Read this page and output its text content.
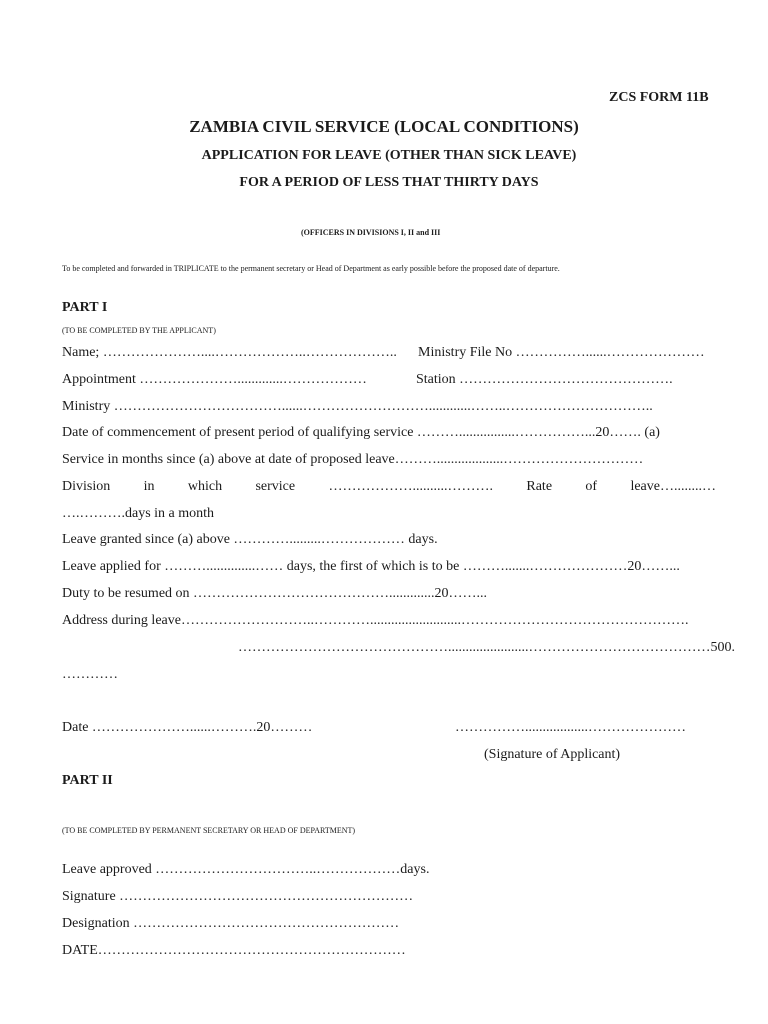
ZCS FORM 11B
ZAMBIA CIVIL SERVICE (LOCAL CONDITIONS)
APPLICATION FOR LEAVE (OTHER THAN SICK LEAVE)
FOR A PERIOD OF LESS THAT THIRTY DAYS
(OFFICERS IN DIVISIONS I, II and III
To be completed and forwarded in TRIPLICATE to the permanent secretary or Head of Department as early possible before the proposed date of departure.
PART I
(TO BE COMPLETED BY THE APPLICANT)
Name; …………………....………………..……………….. Ministry File No ……………......…………………
Appointment ………………….............………………	Station ……………………………………….
Ministry ………………………………......………………………............……..…………………………..
Date of commencement of present period of qualifying service ………................……………...20……. (a)
Service in months since (a) above at date of proposed leave………...................…………………………
Division in which service ………………..........………. Rate of leave…........…
….……….days in a month
Leave granted since (a) above ………….........……………… days.
Leave applied for ………..............…… days, the first of which is to be ……….......…………………20……...
Duty to be resumed on …………………………………….............20……...
Address during leave………………………..…………..........................………………………………………….
……………………………………….......................…………………………………500.
…………
Date …………………......……….20………	……………..................…………………
(Signature of Applicant)
PART II
(TO BE COMPLETED BY PERMANENT SECRETARY OR HEAD OF DEPARTMENT)
Leave approved ……………………………..………………days.
Signature ………………………………………………………
Designation …………………………………………………
DATE…………………………………………………………
